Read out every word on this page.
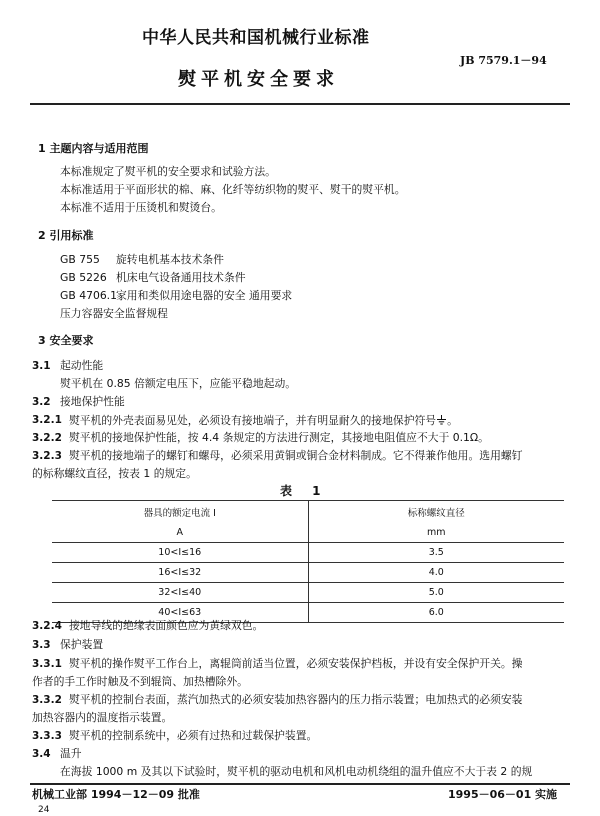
中华人民共和国机械行业标准
JB 7579.1－94
熨平机安全要求
1 主题内容与适用范围
本标准规定了熨平机的安全要求和试验方法。
本标准适用于平面形状的棉、麻、化纤等纺织物的熨平、熨干的熨平机。
本标准不适用于压烫机和熨烫台。
2 引用标准
GB 755 旋转电机基本技术条件
GB 5226 机床电气设备通用技术条件
GB 4706.1 家用和类似用途电器的安全 通用要求
压力容器安全监督规程
3 安全要求
3.1 起动性能
熨平机在 0.85 倍额定电压下，应能平稳地起动。
3.2 接地保护性能
3.2.1 熨平机的外壳表面易见处，必须设有接地端子，并有明显耐久的接地保护符号 。
3.2.2 熨平机的接地保护性能，按 4.4 条规定的方法进行测定，其接地电阻值应不大于 0.1Ω。
3.2.3 熨平机的接地端子的螺钉和螺母，必须采用黄铜或铜合金材料制成。它不得兼作他用。选用螺钉
的标称螺纹直径，按表 1 的规定。
表 1
器具的额定电流 I	标称螺纹直径
A	mm
10<I≤16	3.5
16<I≤32	4.0
32<I≤40	5.0
40<I≤63	6.0
3.2.4 接地导线的绝缘表面颜色应为黄绿双色。
3.3 保护装置
3.3.1 熨平机的操作熨平工作台上，离辊筒前适当位置，必须安装保护档板，并设有安全保护开关。操
作者的手工作时触及不到辊筒、加热槽除外。
3.3.2 熨平机的控制台表面，蒸汽加热式的必须安装加热容器内的压力指示装置；电加热式的必须安装
加热容器内的温度指示装置。
3.3.3 熨平机的控制系统中，必须有过热和过载保护装置。
3.4 温升
在海拔 1000 m 及其以下试验时，熨平机的驱动电机和风机电动机绕组的温升值应不大于表 2 的规
机械工业部 1994－12－09 批准	1995－06－01 实施
24
